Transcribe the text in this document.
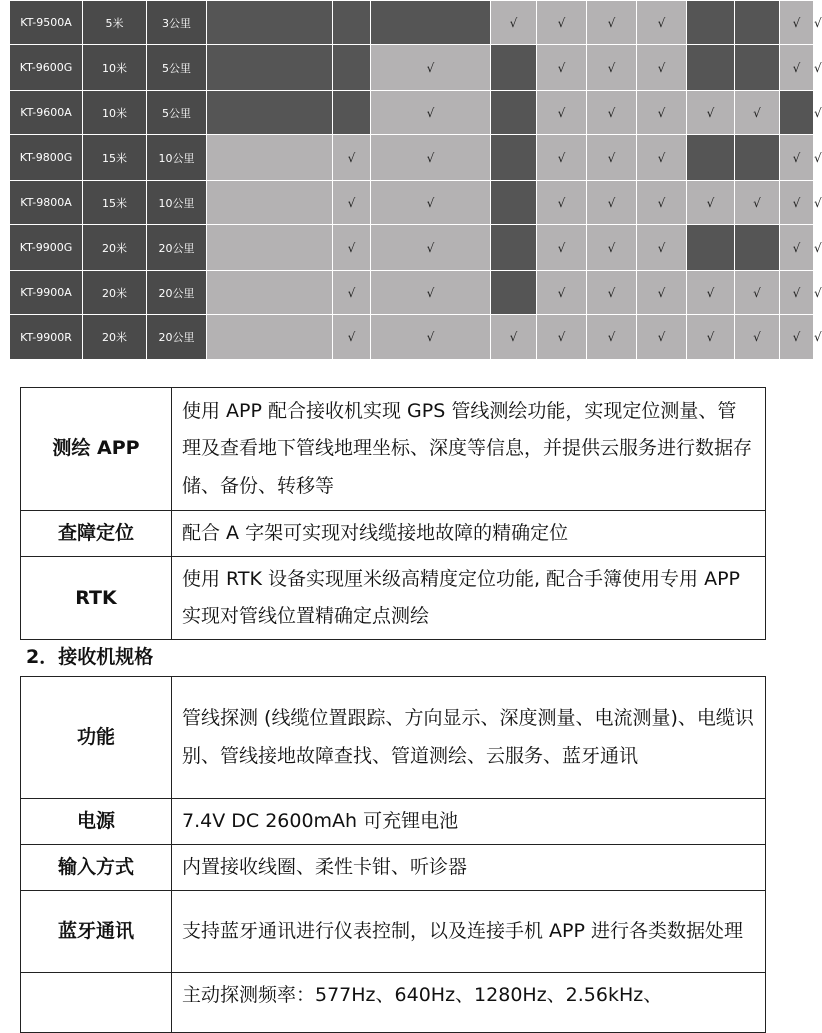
KT-9500A	5米	3公里				√	√	√	√			√	√
KT-9600G	10米	5公里			√		√	√	√			√	√
KT-9600A	10米	5公里			√		√	√	√	√	√		√
KT-9800G	15米	10公里		√	√		√	√	√			√	√
KT-9800A	15米	10公里		√	√		√	√	√	√	√	√	√
KT-9900G	20米	20公里		√	√		√	√	√			√	√
KT-9900A	20米	20公里		√	√		√	√	√	√	√	√	√
KT-9900R	20米	20公里		√	√	√	√	√	√	√	√	√	√
测绘 APP	使用 APP 配合接收机实现 GPS 管线测绘功能，实现定位测量、管理及查看地下管线地理坐标、深度等信息，并提供云服务进行数据存储、备份、转移等
查障定位	配合 A 字架可实现对线缆接地故障的精确定位
RTK	使用 RTK 设备实现厘米级高精度定位功能, 配合手簿使用专用 APP 实现对管线位置精确定点测绘
2．接收机规格
功能	管线探测 (线缆位置跟踪、方向显示、深度测量、电流测量)、电缆识别、管线接地故障查找、管道测绘、云服务、蓝牙通讯
电源	7.4V DC 2600mAh 可充锂电池
输入方式	内置接收线圈、柔性卡钳、听诊器
蓝牙通讯	支持蓝牙通讯进行仪表控制，以及连接手机 APP 进行各类数据处理
	主动探测频率：577Hz、640Hz、1280Hz、2.56kHz、
